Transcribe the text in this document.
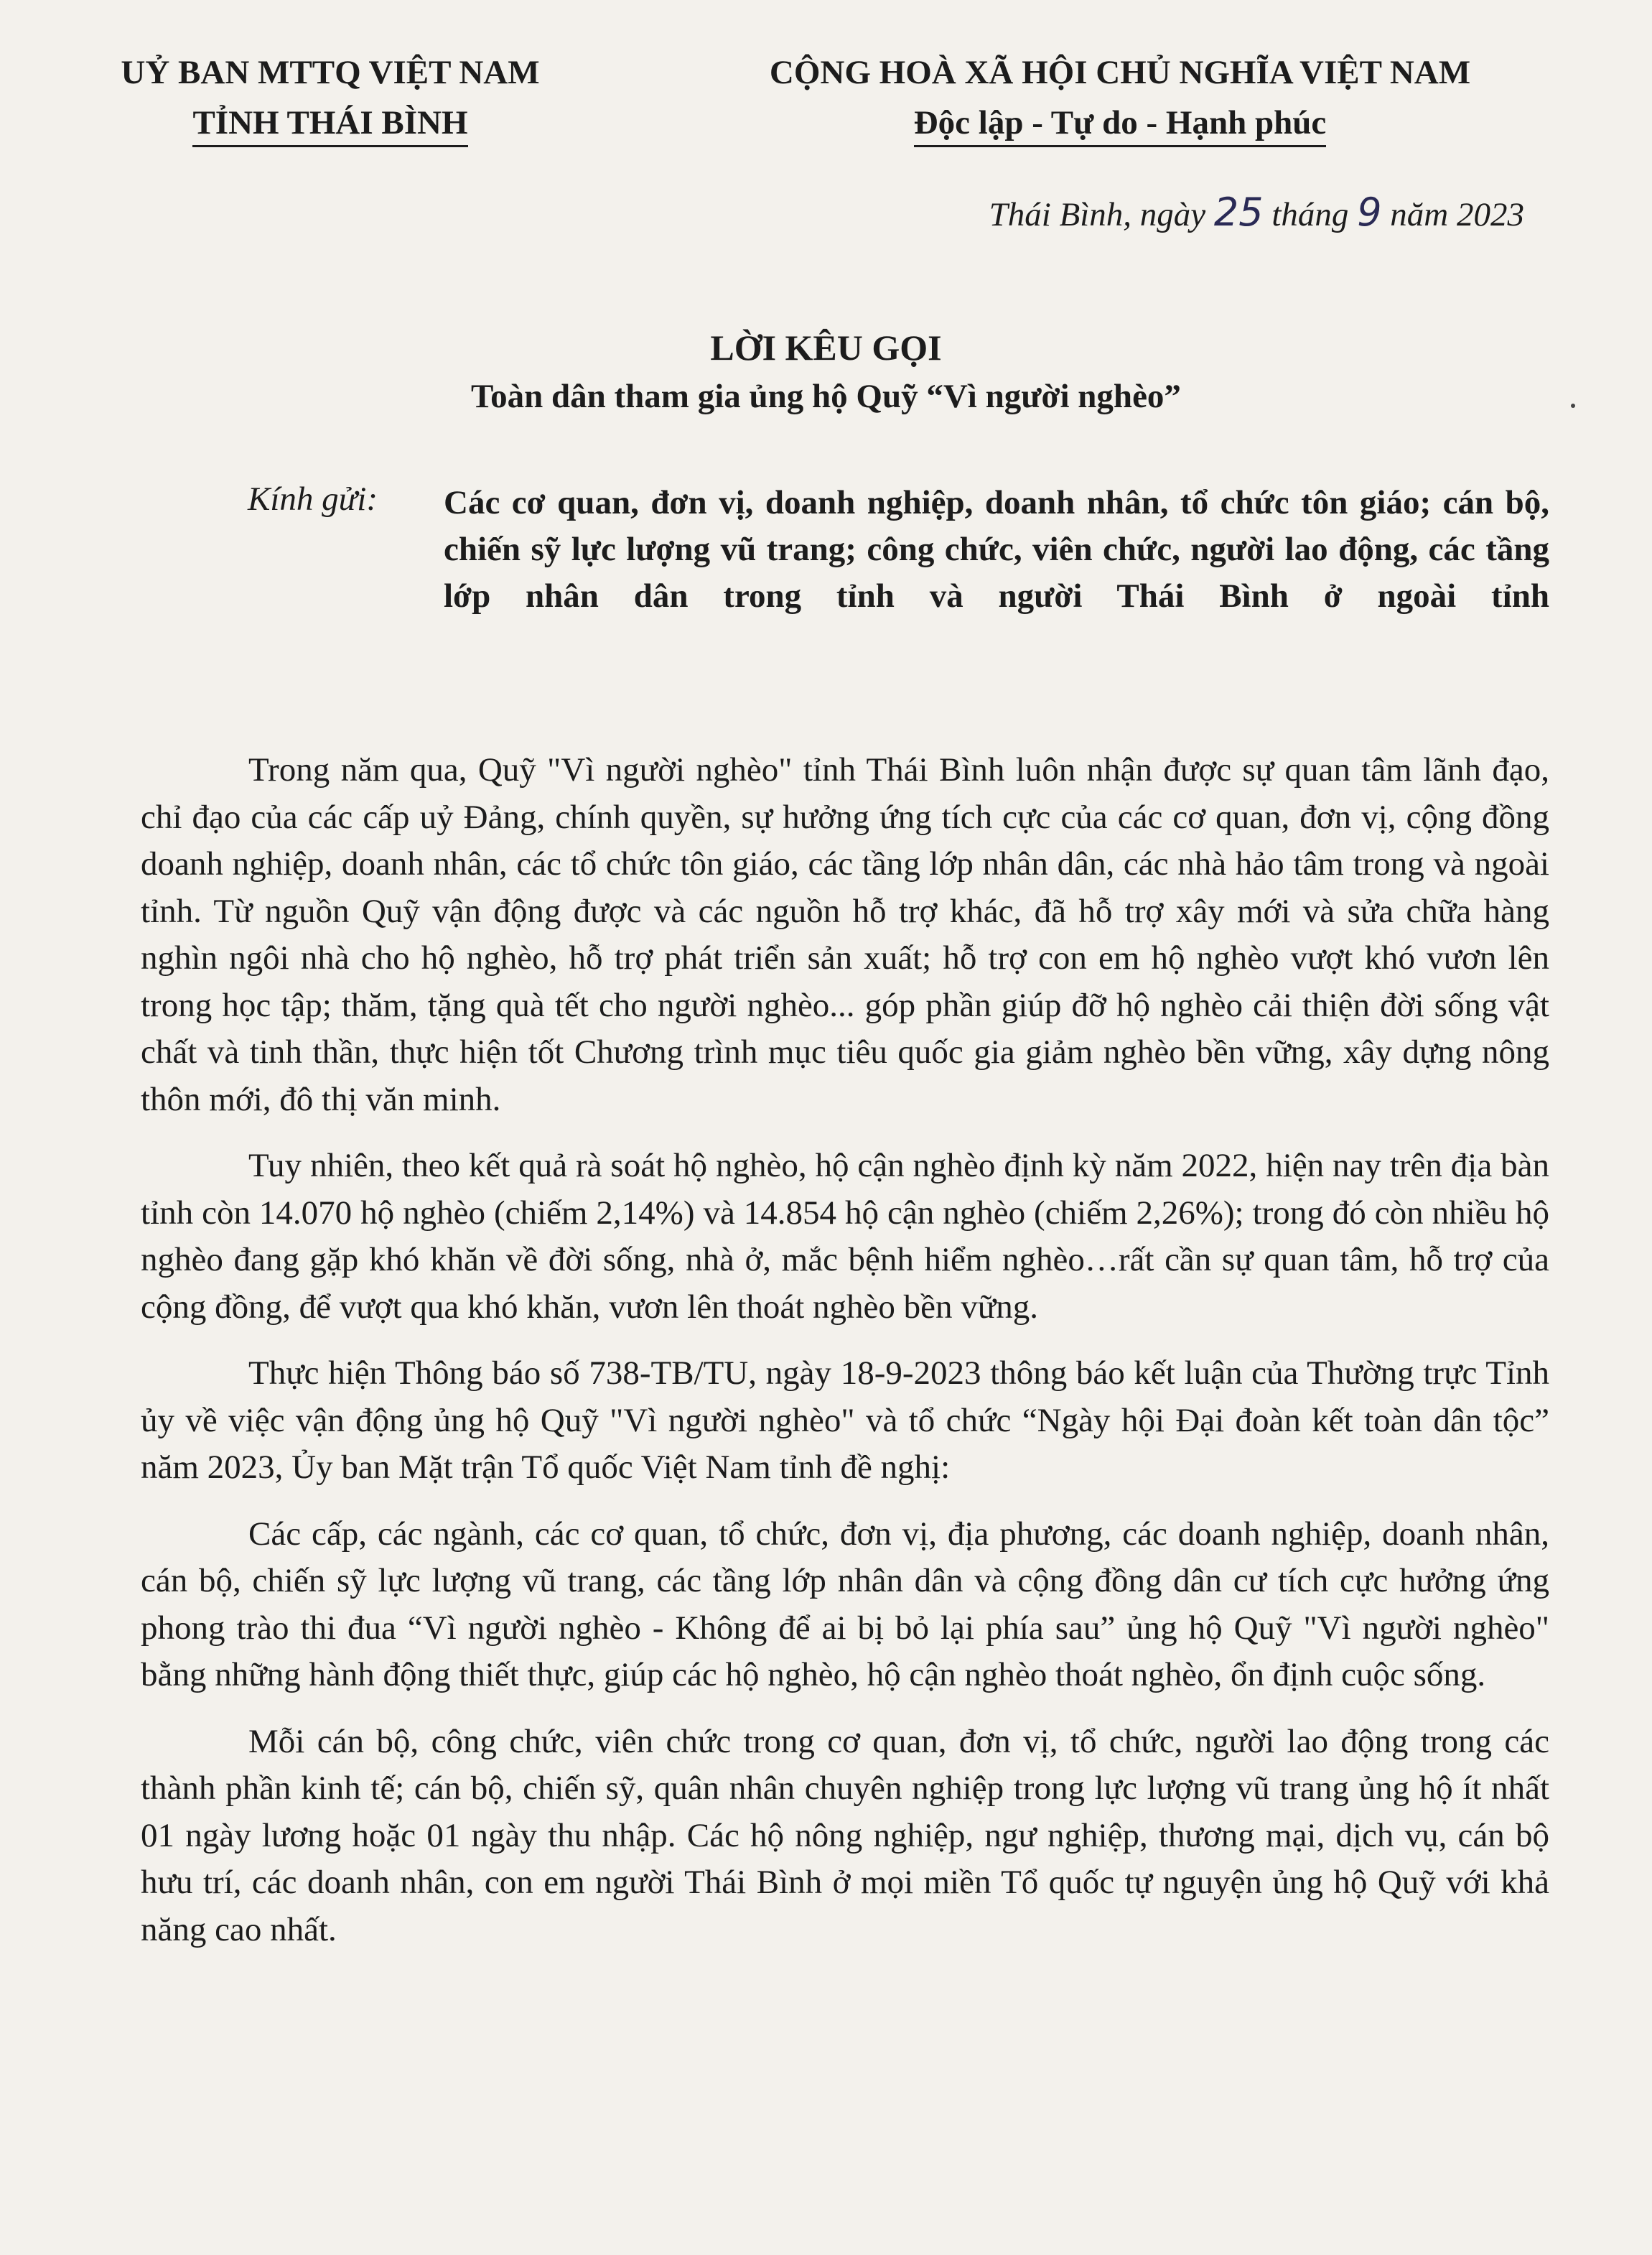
UỶ BAN MTTQ VIỆT NAM
TỈNH THÁI BÌNH
CỘNG HOÀ XÃ HỘI CHỦ NGHĨA VIỆT NAM
Độc lập - Tự do - Hạnh phúc
Thái Bình, ngày 25 tháng 9 năm 2023
LỜI KÊU GỌI
Toàn dân tham gia ủng hộ Quỹ “Vì người nghèo”
Kính gửi: Các cơ quan, đơn vị, doanh nghiệp, doanh nhân, tổ chức tôn giáo; cán bộ, chiến sỹ lực lượng vũ trang; công chức, viên chức, người lao động, các tầng lớp nhân dân trong tỉnh và người Thái Bình ở ngoài tỉnh

Trong năm qua, Quỹ "Vì người nghèo" tỉnh Thái Bình luôn nhận được sự quan tâm lãnh đạo, chỉ đạo của các cấp uỷ Đảng, chính quyền, sự hưởng ứng tích cực của các cơ quan, đơn vị, cộng đồng doanh nghiệp, doanh nhân, các tổ chức tôn giáo, các tầng lớp nhân dân, các nhà hảo tâm trong và ngoài tỉnh. Từ nguồn Quỹ vận động được và các nguồn hỗ trợ khác, đã hỗ trợ xây mới và sửa chữa hàng nghìn ngôi nhà cho hộ nghèo, hỗ trợ phát triển sản xuất; hỗ trợ con em hộ nghèo vượt khó vươn lên trong học tập; thăm, tặng quà tết cho người nghèo... góp phần giúp đỡ hộ nghèo cải thiện đời sống vật chất và tinh thần, thực hiện tốt Chương trình mục tiêu quốc gia giảm nghèo bền vững, xây dựng nông thôn mới, đô thị văn minh.

Tuy nhiên, theo kết quả rà soát hộ nghèo, hộ cận nghèo định kỳ năm 2022, hiện nay trên địa bàn tỉnh còn 14.070 hộ nghèo (chiếm 2,14%) và 14.854 hộ cận nghèo (chiếm 2,26%); trong đó còn nhiều hộ nghèo đang gặp khó khăn về đời sống, nhà ở, mắc bệnh hiểm nghèo…rất cần sự quan tâm, hỗ trợ của cộng đồng, để vượt qua khó khăn, vươn lên thoát nghèo bền vững.

Thực hiện Thông báo số 738-TB/TU, ngày 18-9-2023 thông báo kết luận của Thường trực Tỉnh ủy về việc vận động ủng hộ Quỹ "Vì người nghèo" và tổ chức “Ngày hội Đại đoàn kết toàn dân tộc” năm 2023, Ủy ban Mặt trận Tổ quốc Việt Nam tỉnh đề nghị:

Các cấp, các ngành, các cơ quan, tổ chức, đơn vị, địa phương, các doanh nghiệp, doanh nhân, cán bộ, chiến sỹ lực lượng vũ trang, các tầng lớp nhân dân và cộng đồng dân cư tích cực hưởng ứng phong trào thi đua “Vì người nghèo - Không để ai bị bỏ lại phía sau” ủng hộ Quỹ "Vì người nghèo" bằng những hành động thiết thực, giúp các hộ nghèo, hộ cận nghèo thoát nghèo, ổn định cuộc sống.

Mỗi cán bộ, công chức, viên chức trong cơ quan, đơn vị, tổ chức, người lao động trong các thành phần kinh tế; cán bộ, chiến sỹ, quân nhân chuyên nghiệp trong lực lượng vũ trang ủng hộ ít nhất 01 ngày lương hoặc 01 ngày thu nhập. Các hộ nông nghiệp, ngư nghiệp, thương mại, dịch vụ, cán bộ hưu trí, các doanh nhân, con em người Thái Bình ở mọi miền Tổ quốc tự nguyện ủng hộ Quỹ với khả năng cao nhất.
